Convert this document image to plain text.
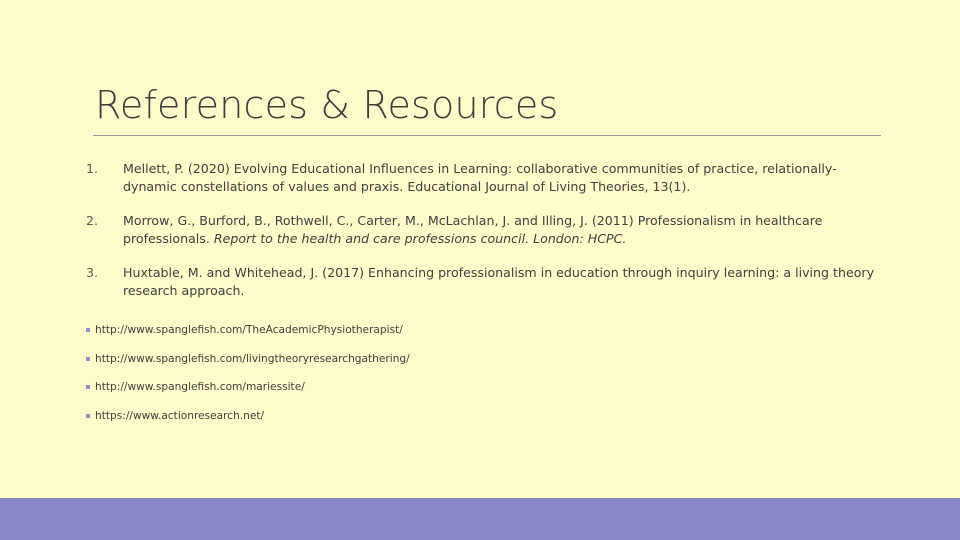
References & Resources

1.	Mellett, P. (2020) Evolving Educational Influences in Learning: collaborative communities of practice, relationally-dynamic constellations of values and praxis. Educational Journal of Living Theories, 13(1).

2.	Morrow, G., Burford, B., Rothwell, C., Carter, M., McLachlan, J. and Illing, J. (2011) Professionalism in healthcare professionals. Report to the health and care professions council. London: HCPC.

3.	Huxtable, M. and Whitehead, J. (2017) Enhancing professionalism in education through inquiry learning: a living theory research approach.

http://www.spanglefish.com/TheAcademicPhysiotherapist/
http://www.spanglefish.com/livingtheoryresearchgathering/
http://www.spanglefish.com/mariessite/
https://www.actionresearch.net/
